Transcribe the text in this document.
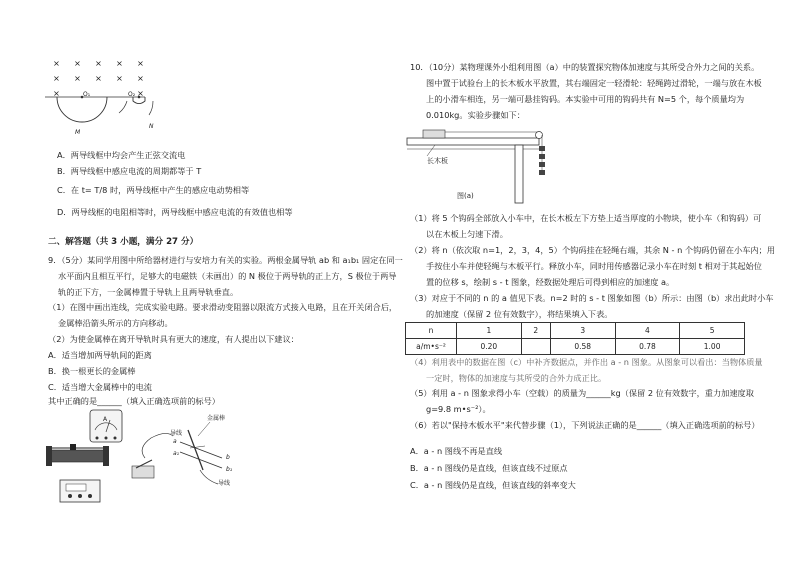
× × × × ×
× × × × ×
×	×
O₁	O₂
M
N
A．两导线框中均会产生正弦交流电
B．两导线框中感应电流的周期都等于 T
C．在 t= T/8 时，两导线框中产生的感应电动势相等
D．两导线框的电阻相等时，两导线框中感应电流的有效值也相等
二、解答题（共 3 小题，满分 27 分）
9．（5分）某同学用图中所给器材进行与安培力有关的实验。两根金属导轨 ab 和 a₁b₁ 固定在同一
水平面内且相互平行，足够大的电磁铁（未画出）的 N 极位于两导轨的正上方，S 极位于两导
轨的正下方，一金属棒置于导轨上且两导轨垂直。
（1）在图中画出连线，完成实验电路。要求滑动变阻器以限流方式接入电路，且在开关闭合后，
金属棒沿箭头所示的方向移动。
（2）为使金属棒在离开导轨时具有更大的速度，有人提出以下建议：
A．适当增加两导轨间的距离
B．换一根更长的金属棒
C．适当增大金属棒中的电流
其中正确的是______（填入正确选项前的标号）
A	金属棒
导线
导线
a
a₁
b
b₁
10．（10分）某物理课外小组利用图（a）中的装置探究物体加速度与其所受合外力之间的关系。
图中置于试验台上的长木板水平放置，其右端固定一轻滑轮：轻绳跨过滑轮，一端与放在木板
上的小滑车相连，另一端可悬挂钩码。本实验中可用的钩码共有 N=5 个，每个质量均为
0.010kg。实验步骤如下：
长木板
图(a)
（1）将 5 个钩码全部放入小车中，在长木板左下方垫上适当厚度的小物块，使小车（和钩码）可
以在木板上匀速下滑。
（2）将 n（依次取 n=1，2，3，4，5）个钩码挂在轻绳右端，其余 N - n 个钩码仍留在小车内；用
手按住小车并使轻绳与木板平行。释放小车，同时用传感器记录小车在时刻 t 相对于其起始位
置的位移 s，绘制 s - t 图象，经数据处理后可得到相应的加速度 a。
（3）对应于不同的 n 的 a 值见下表。n=2 时的 s - t 图象如图（b）所示：由图（b）求出此时小车
的加速度（保留 2 位有效数字），将结果填入下表。
n	1	2	3	4	5
a/m•s⁻²	0.20		0.58	0.78	1.00
（4）利用表中的数据在图（c）中补齐数据点，并作出 a - n 图象。从图象可以看出：当物体质量
一定时，物体的加速度与其所受的合外力成正比。
（5）利用 a - n 图象求得小车（空载）的质量为______kg（保留 2 位有效数字，重力加速度取
g=9.8 m•s⁻²）。
（6）若以"保持木板水平"来代替步骤（1），下列说法正确的是______（填入正确选项前的标号）
A．a - n 图线不再是直线
B．a - n 图线仍是直线，但该直线不过原点
C．a - n 图线仍是直线，但该直线的斜率变大
